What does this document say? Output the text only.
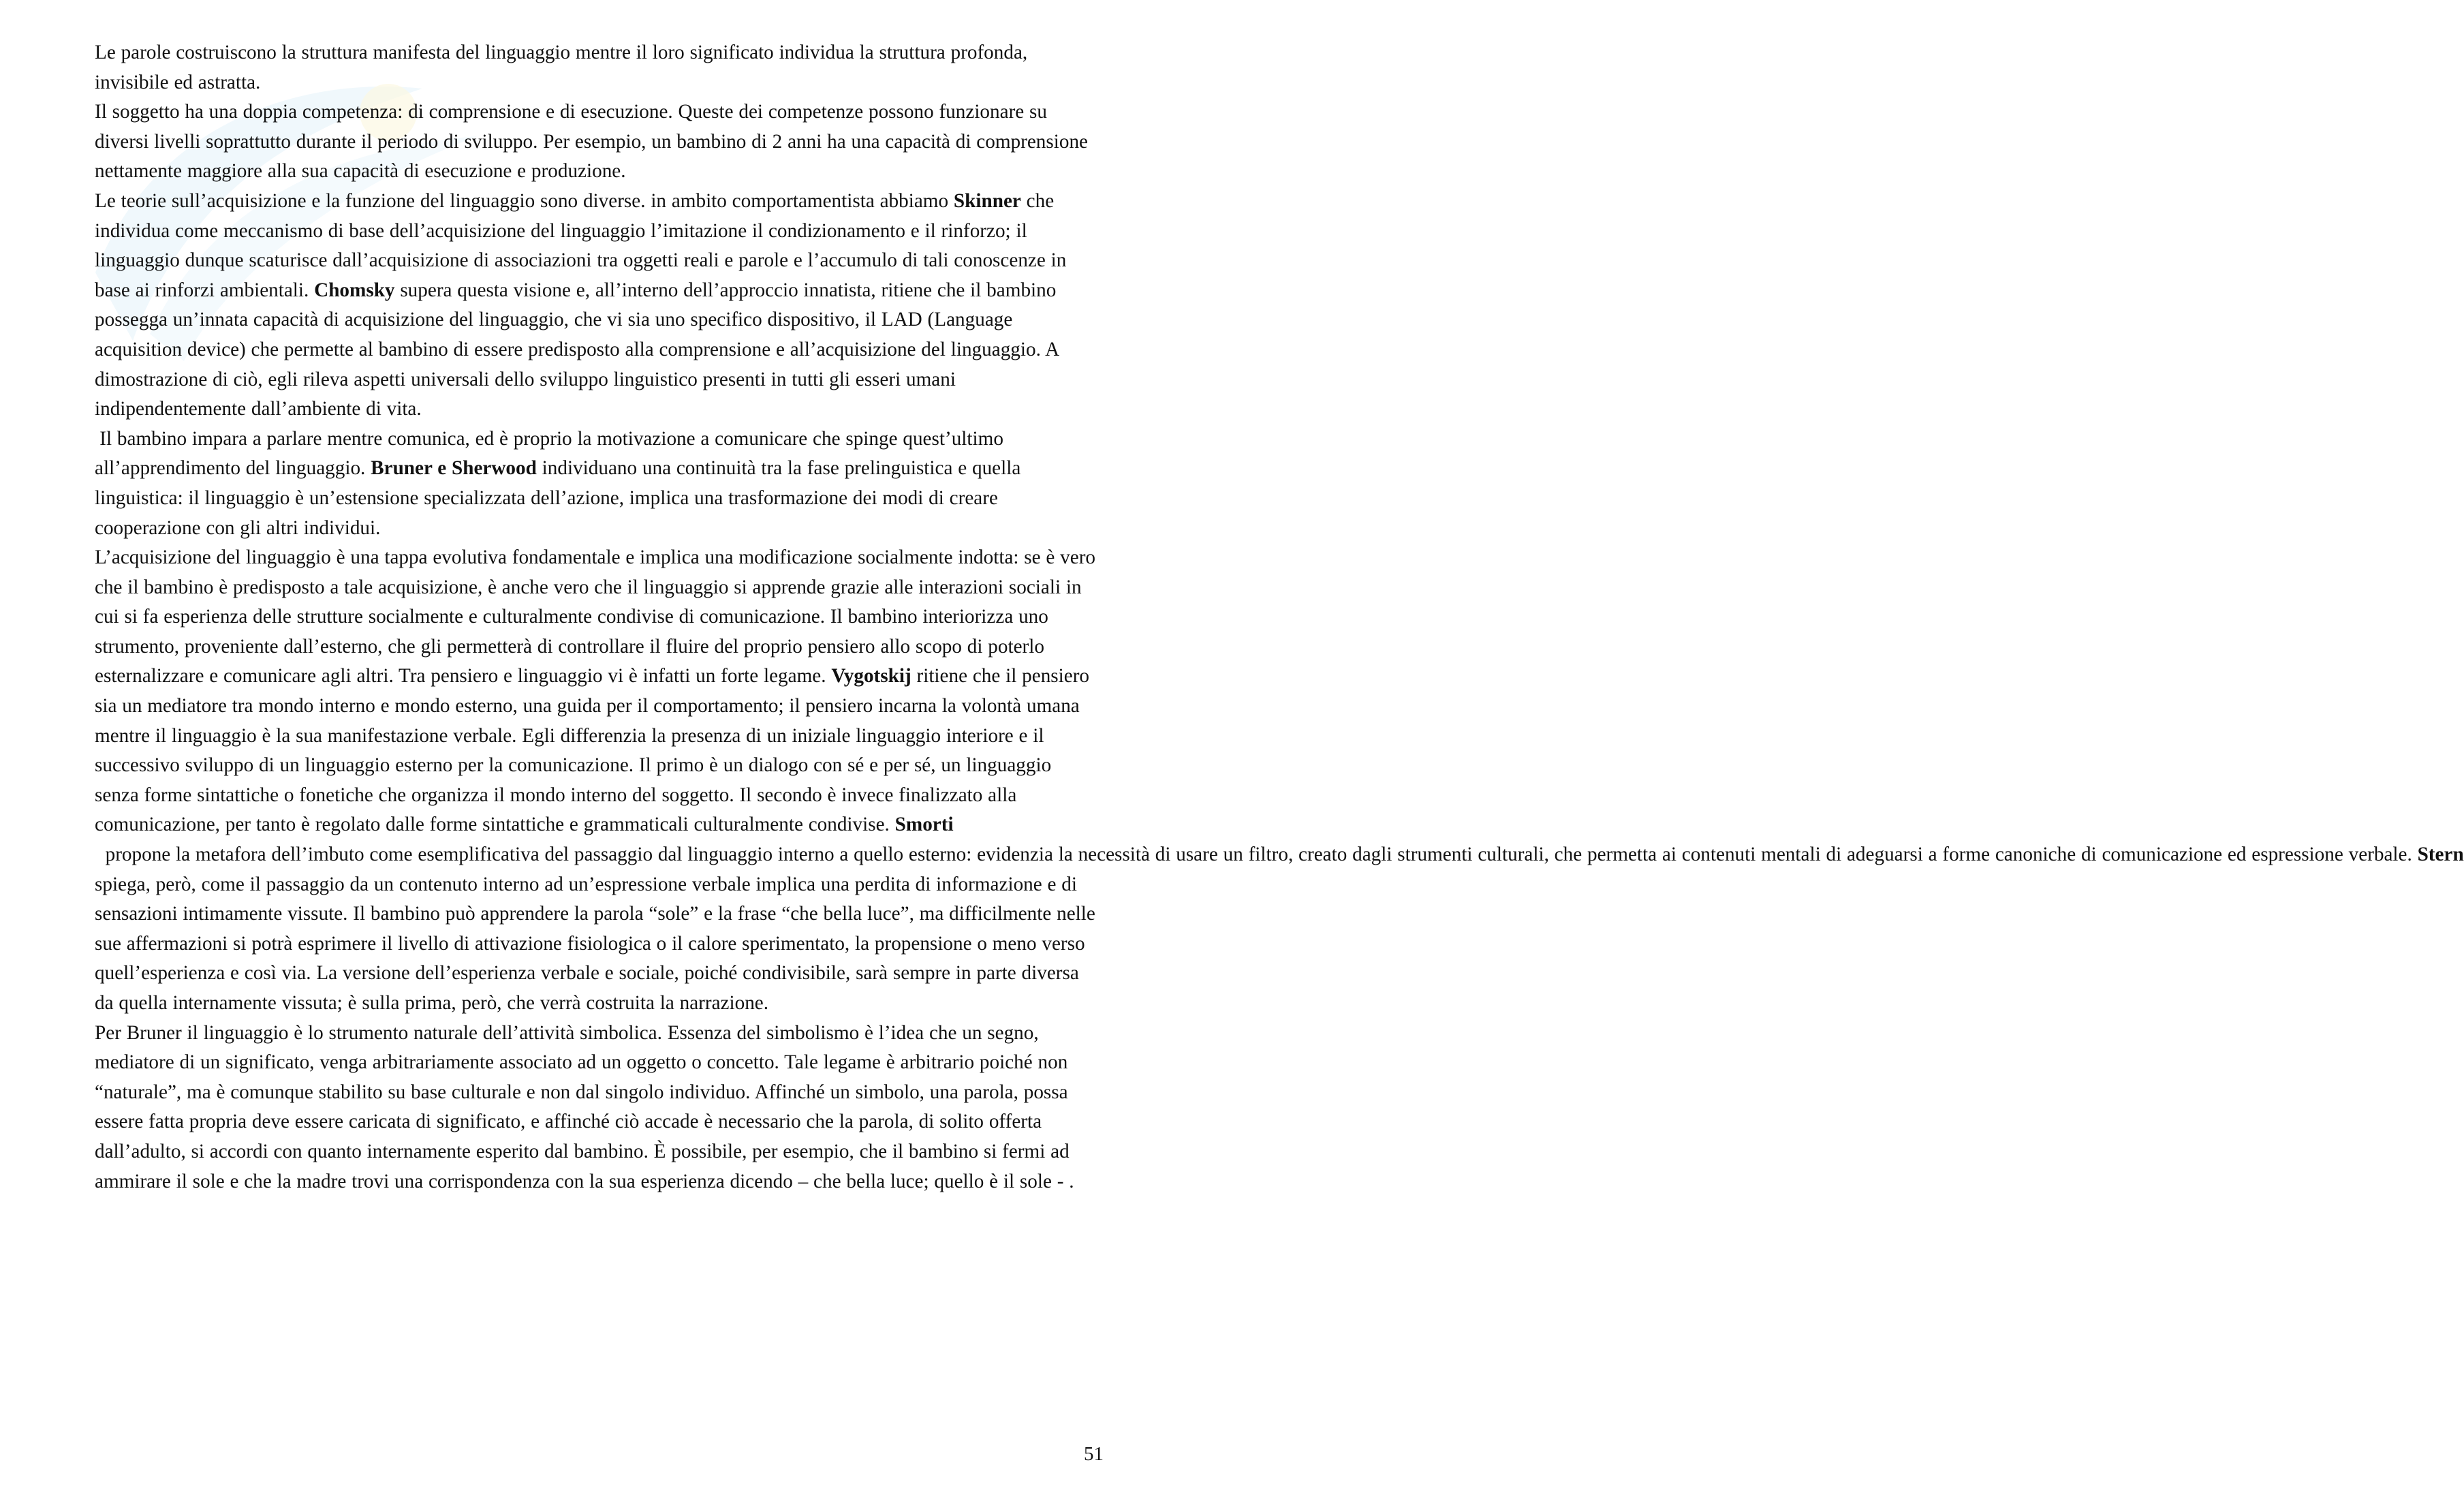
Le parole costruiscono la struttura manifesta del linguaggio mentre il loro significato individua la struttura profonda, invisibile ed astratta.

Il soggetto ha una doppia competenza: di comprensione e di esecuzione. Queste dei competenze possono funzionare su diversi livelli soprattutto durante il periodo di sviluppo. Per esempio, un bambino di 2 anni ha una capacità di comprensione nettamente maggiore alla sua capacità di esecuzione e produzione.

Le teorie sull’acquisizione e la funzione del linguaggio sono diverse. in ambito comportamentista abbiamo Skinner che individua come meccanismo di base dell’acquisizione del linguaggio l’imitazione il condizionamento e il rinforzo; il linguaggio dunque scaturisce dall’acquisizione di associazioni tra oggetti reali e parole e l’accumulo di tali conoscenze in base ai rinforzi ambientali. Chomsky supera questa visione e, all’interno dell’approccio innatista, ritiene che il bambino possegga un’innata capacità di acquisizione del linguaggio, che vi sia uno specifico dispositivo, il LAD (Language acquisition device) che permette al bambino di essere predisposto alla comprensione e all’acquisizione del linguaggio. A dimostrazione di ciò, egli rileva aspetti universali dello sviluppo linguistico presenti in tutti gli esseri umani indipendentemente dall’ambiente di vita.

Il bambino impara a parlare mentre comunica, ed è proprio la motivazione a comunicare che spinge quest’ultimo all’apprendimento del linguaggio. Bruner e Sherwood individuano una continuità tra la fase prelinguistica e quella linguistica: il linguaggio è un’estensione specializzata dell’azione, implica una trasformazione dei modi di creare cooperazione con gli altri individui.

L’acquisizione del linguaggio è una tappa evolutiva fondamentale e implica una modificazione socialmente indotta: se è vero che il bambino è predisposto a tale acquisizione, è anche vero che il linguaggio si apprende grazie alle interazioni sociali in cui si fa esperienza delle strutture socialmente e culturalmente condivise di comunicazione. Il bambino interiorizza uno strumento, proveniente dall’esterno, che gli permetterà di controllare il fluire del proprio pensiero allo scopo di poterlo esternalizzare e comunicare agli altri. Tra pensiero e linguaggio vi è infatti un forte legame. Vygotskij ritiene che il pensiero sia un mediatore tra mondo interno e mondo esterno, una guida per il comportamento; il pensiero incarna la volontà umana mentre il linguaggio è la sua manifestazione verbale. Egli differenzia la presenza di un iniziale linguaggio interiore e il successivo sviluppo di un linguaggio esterno per la comunicazione. Il primo è un dialogo con sé e per sé, un linguaggio senza forme sintattiche o fonetiche che organizza il mondo interno del soggetto. Il secondo è invece finalizzato alla comunicazione, per tanto è regolato dalle forme sintattiche e grammaticali culturalmente condivise. Smorti  propone la metafora dell’imbuto come esemplificativa del passaggio dal linguaggio interno a quello esterno: evidenzia la necessità di usare un filtro, creato dagli strumenti culturali, che permetta ai contenuti mentali di adeguarsi a forme canoniche di comunicazione ed espressione verbale. Stern spiega, però, come il passaggio da un contenuto interno ad un’espressione verbale implica una perdita di informazione e di sensazioni intimamente vissute. Il bambino può apprendere la parola “sole” e la frase “che bella luce”, ma difficilmente nelle sue affermazioni si potrà esprimere il livello di attivazione fisiologica o il calore sperimentato, la propensione o meno verso quell’esperienza e così via. La versione dell’esperienza verbale e sociale, poiché condivisibile, sarà sempre in parte diversa da quella internamente vissuta; è sulla prima, però, che verrà costruita la narrazione.

Per Bruner il linguaggio è lo strumento naturale dell’attività simbolica. Essenza del simbolismo è l’idea che un segno, mediatore di un significato, venga arbitrariamente associato ad un oggetto o concetto. Tale legame è arbitrario poiché non “naturale”, ma è comunque stabilito su base culturale e non dal singolo individuo. Affinché un simbolo, una parola, possa essere fatta propria deve essere caricata di significato, e affinché ciò accade è necessario che la parola, di solito offerta dall’adulto, si accordi con quanto internamente esperito dal bambino. È possibile, per esempio, che il bambino si fermi ad ammirare il sole e che la madre trovi una corrispondenza con la sua esperienza dicendo – che bella luce; quello è il sole - .

51
